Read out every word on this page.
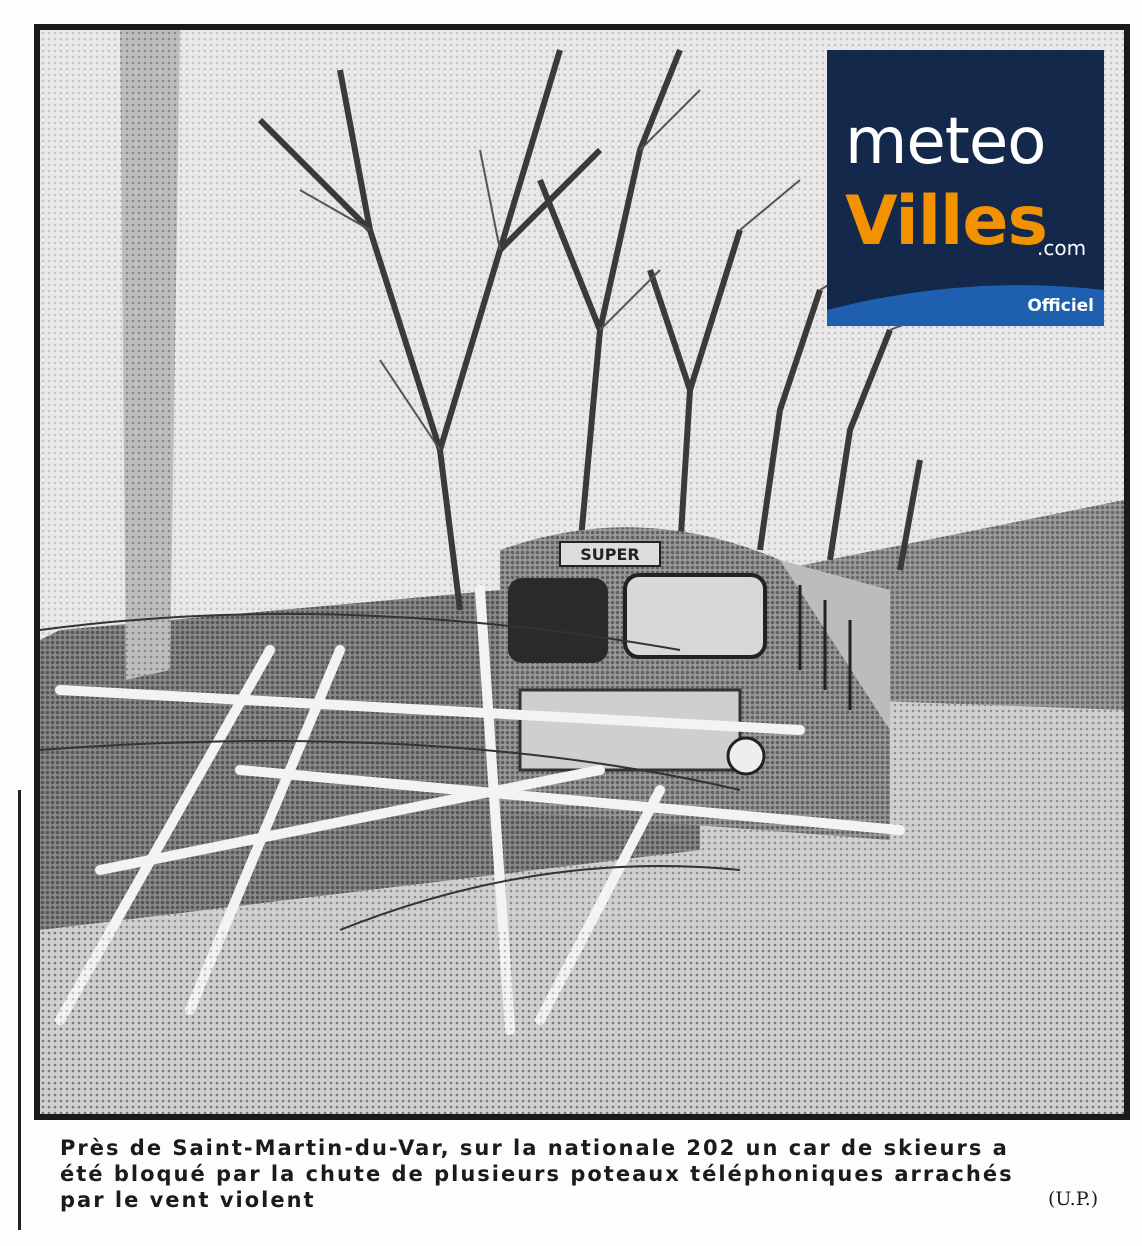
SUPER
meteo
Villes
.com
Officiel
Près de Saint-Martin-du-Var, sur la nationale 202 un car de skieurs a
été bloqué par la chute de plusieurs poteaux téléphoniques arrachés
par le vent violent	(U.P.)
